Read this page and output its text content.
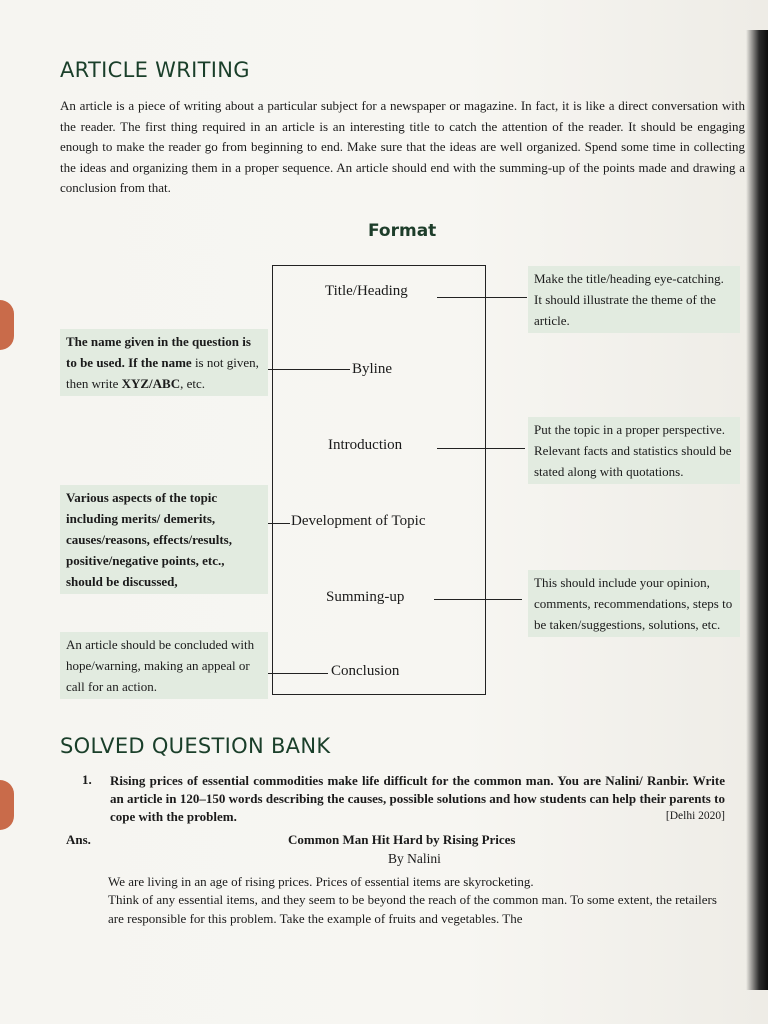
ARTICLE WRITING
An article is a piece of writing about a particular subject for a newspaper or magazine. In fact, it is like a direct conversation with the reader. The first thing required in an article is an interesting title to catch the attention of the reader. It should be engaging enough to make the reader go from beginning to end. Make sure that the ideas are well organized. Spend some time in collecting the ideas and organizing them in a proper sequence. An article should end with the summing-up of the points made and drawing a conclusion from that.
Format
Title/Heading
Byline
Introduction
Development of Topic
Summing-up
Conclusion
Make the title/heading eye-catching. It should illustrate the theme of the article.
Put the topic in a proper perspective. Relevant facts and statistics should be stated along with quotations.
This should include your opinion, comments, recommendations, steps to be taken/suggestions, solutions, etc.
The name given in the question is to be used. If the name is not given, then write XYZ/ABC, etc.
Various aspects of the topic including merits/ demerits, causes/reasons, effects/results, positive/negative points, etc., should be discussed,
An article should be concluded with hope/warning, making an appeal or call for an action.
SOLVED QUESTION BANK
1. Rising prices of essential commodities make life difficult for the common man. You are Nalini/ Ranbir. Write an article in 120–150 words describing the causes, possible solutions and how students can help their parents to cope with the problem.	[Delhi 2020]
Ans.	Common Man Hit Hard by Rising Prices
By Nalini
We are living in an age of rising prices. Prices of essential items are skyrocketing.
Think of any essential items, and they seem to be beyond the reach of the common man. To some extent, the retailers are responsible for this problem. Take the example of fruits and vegetables. The
